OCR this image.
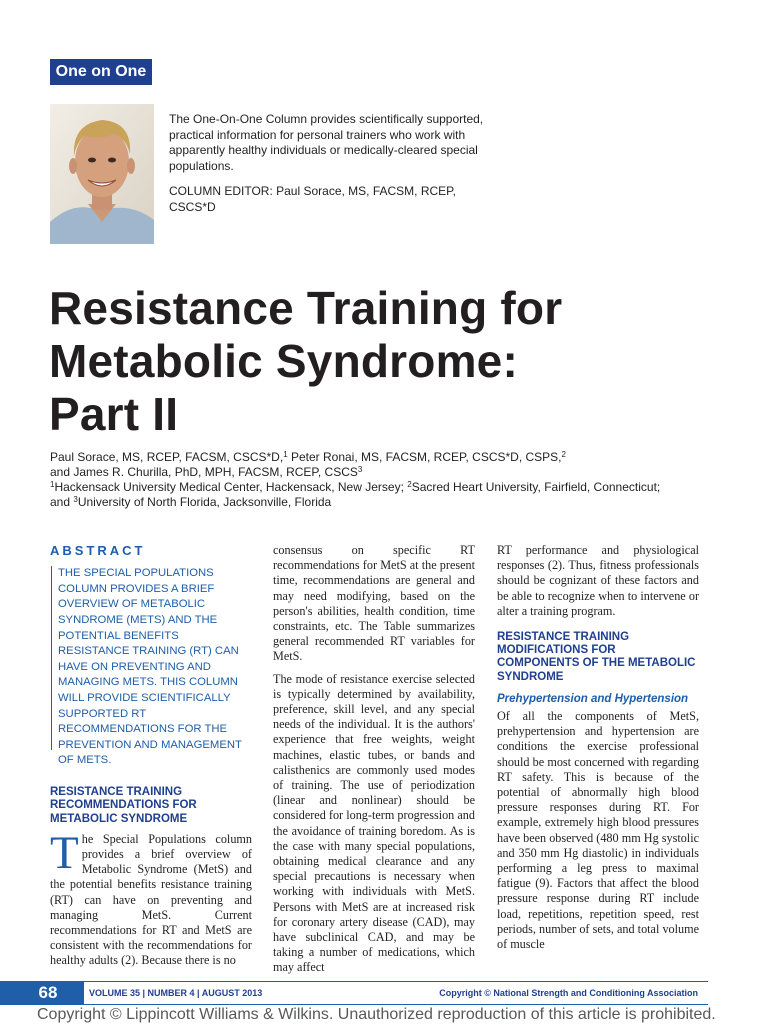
One on One

The One-On-One Column provides scientifically supported, practical information for personal trainers who work with apparently healthy individuals or medically-cleared special populations.

COLUMN EDITOR: Paul Sorace, MS, FACSM, RCEP, CSCS*D

Resistance Training for
Metabolic Syndrome:
Part II
Paul Sorace, MS, RCEP, FACSM, CSCS*D,$^1$ Peter Ronai, MS, FACSM, RCEP, CSCS*D, CSPS,$^2$
and James R. Churilla, PhD, MPH, FACSM, RCEP, CSCS$^3$
$^1$Hackensack University Medical Center, Hackensack, New Jersey; $^2$Sacred Heart University, Fairfield, Connecticut;
and $^3$University of North Florida, Jacksonville, Florida
ABSTRACT
THE SPECIAL POPULATIONS COLUMN PROVIDES A BRIEF OVERVIEW OF METABOLIC SYNDROME (METS) AND THE POTENTIAL BENEFITS RESISTANCE TRAINING (RT) CAN HAVE ON PREVENTING AND MANAGING METS. THIS COLUMN WILL PROVIDE SCIENTIFICALLY SUPPORTED RT RECOMMENDATIONS FOR THE PREVENTION AND MANAGEMENT OF METS.
RESISTANCE TRAINING RECOMMENDATIONS FOR METABOLIC SYNDROME

The Special Populations column provides a brief overview of Metabolic Syndrome (MetS) and the potential benefits resistance training (RT) can have on preventing and managing MetS. Current recommendations for RT and MetS are consistent with the recommendations for healthy adults (2). Because there is no

consensus on specific RT recommendations for MetS at the present time, recommendations are general and may need modifying, based on the person's abilities, health condition, time constraints, etc. The Table summarizes general recommended RT variables for MetS.

The mode of resistance exercise selected is typically determined by availability, preference, skill level, and any special needs of the individual. It is the authors' experience that free weights, weight machines, elastic tubes, or bands and calisthenics are commonly used modes of training. The use of periodization (linear and nonlinear) should be considered for long-term progression and the avoidance of training boredom. As is the case with many special populations, obtaining medical clearance and any special precautions is necessary when working with individuals with MetS. Persons with MetS are at increased risk for coronary artery disease (CAD), may have subclinical CAD, and may be taking a number of medications, which may affect

RT performance and physiological responses (2). Thus, fitness professionals should be cognizant of these factors and be able to recognize when to intervene or alter a training program.

RESISTANCE TRAINING MODIFICATIONS FOR COMPONENTS OF THE METABOLIC SYNDROME
Prehypertension and Hypertension

Of all the components of MetS, prehypertension and hypertension are conditions the exercise professional should be most concerned with regarding RT safety. This is because of the potential of abnormally high blood pressure responses during RT. For example, extremely high blood pressures have been observed (480 mm Hg systolic and 350 mm Hg diastolic) in individuals performing a leg press to maximal fatigue (9). Factors that affect the blood pressure response during RT include load, repetitions, repetition speed, rest periods, number of sets, and total volume of muscle

68	VOLUME 35 | NUMBER 4 | AUGUST 2013	Copyright © National Strength and Conditioning Association
Copyright © Lippincott Williams & Wilkins. Unauthorized reproduction of this article is prohibited.
